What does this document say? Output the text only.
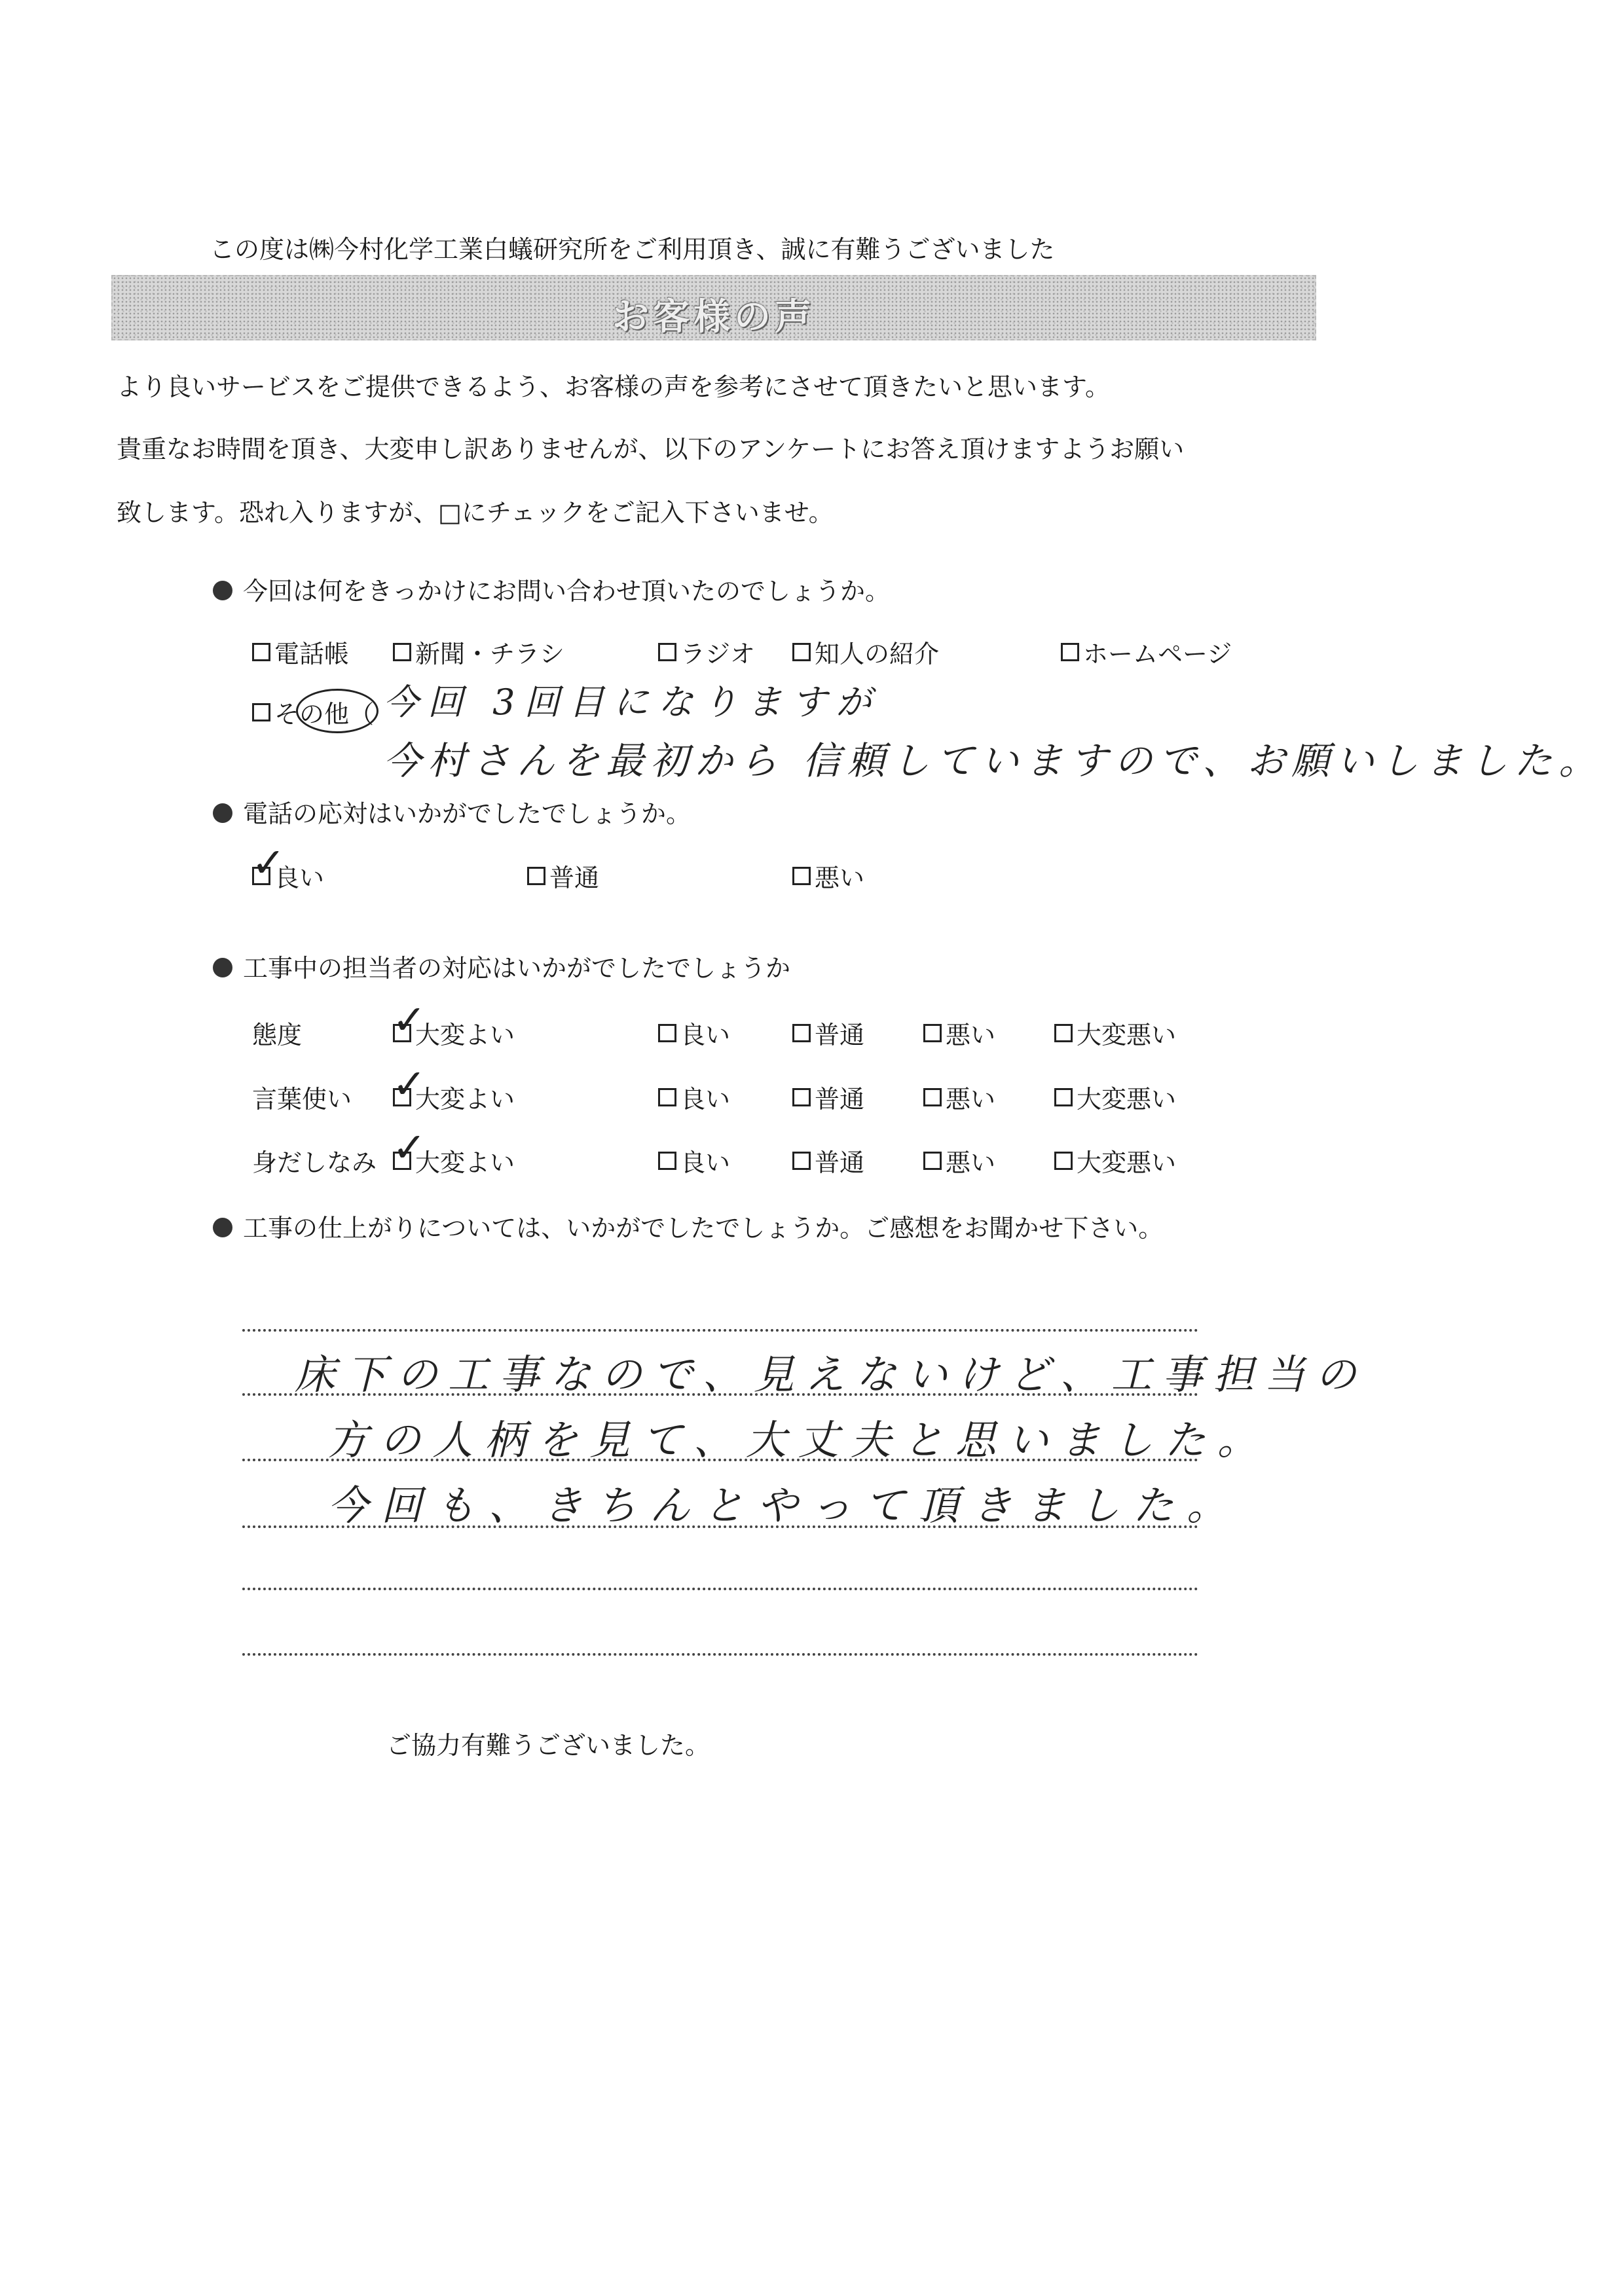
この度は㈱今村化学工業白蟻研究所をご利用頂き、誠に有難うございました
お客様の声
より良いサービスをご提供できるよう、お客様の声を参考にさせて頂きたいと思います。
貴重なお時間を頂き、大変申し訳ありませんが、以下のアンケートにお答え頂けますようお願い
致します。恐れ入りますが、□にチェックをご記入下さいませ。
今回は何をきっかけにお問い合わせ頂いたのでしょうか。
電話帳	新聞・チラシ	ラジオ 知人の紹介	ホームページ
その他（ 今回 3回目になりますが
今村さんを最初から 信頼していますので、お願いしました。
電話の応対はいかがでしたでしょうか。
✓
良い	普通	悪い
工事中の担当者の対応はいかがでしたでしょうか
態度 ✓	大変よい	良い	普通	悪い	大変悪い
言葉使い ✓	大変よい	良い	普通	悪い	大変悪い
身だしなみ ✓ 大変よい	良い	普通	悪い	大変悪い
工事の仕上がりについては、いかがでしたでしょうか。ご感想をお聞かせ下さい。
床下の工事なので、見えないけど、工事担当の
方の人柄を見て、大丈夫と思いました。
今回も、きちんとやって頂きました。
ご協力有難うございました。
